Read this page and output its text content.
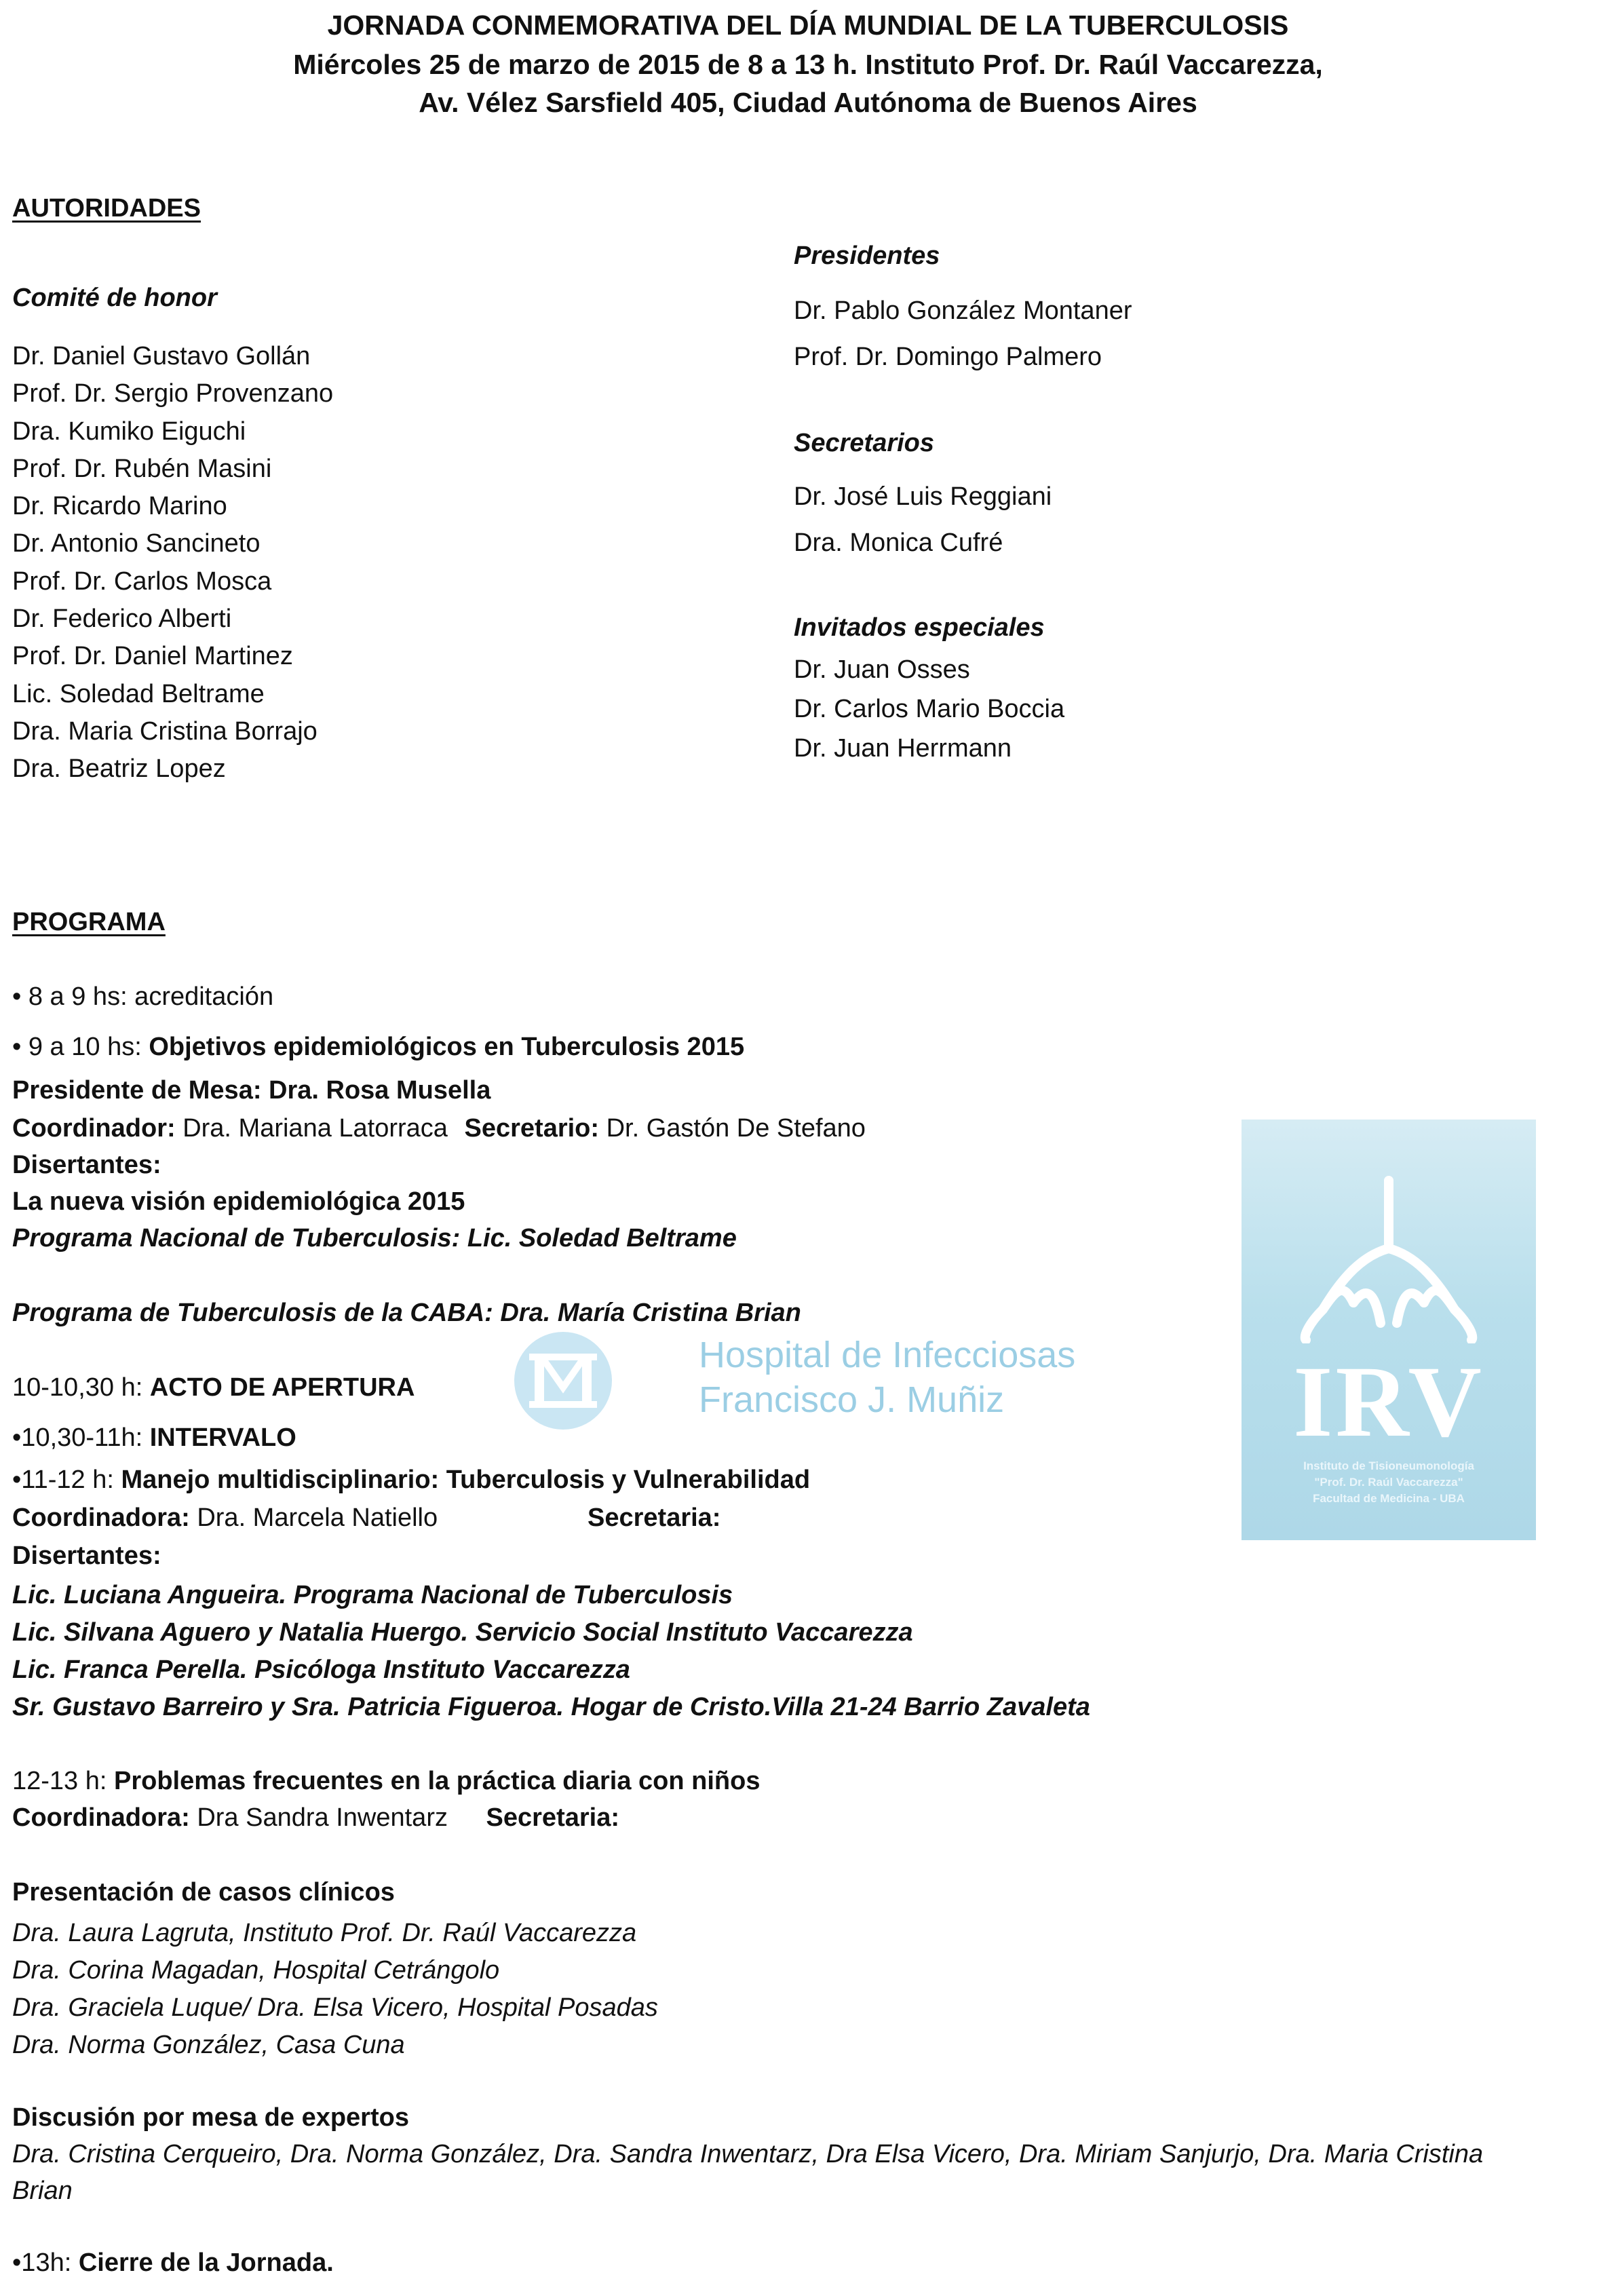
JORNADA CONMEMORATIVA DEL DÍA MUNDIAL DE LA TUBERCULOSIS
Miércoles 25 de marzo de 2015 de 8 a 13 h. Instituto Prof. Dr. Raúl Vaccarezza,
Av. Vélez Sarsfield 405, Ciudad Autónoma de Buenos Aires
AUTORIDADES
Comité de honor
Dr. Daniel Gustavo Gollán
Prof. Dr. Sergio Provenzano
Dra. Kumiko Eiguchi
Prof. Dr. Rubén Masini
Dr. Ricardo Marino
Dr. Antonio Sancineto
Prof. Dr. Carlos Mosca
Dr. Federico Alberti
Prof. Dr. Daniel Martinez
Lic. Soledad Beltrame
Dra. Maria Cristina Borrajo
Dra. Beatriz Lopez
Presidentes
Dr. Pablo González Montaner
Prof. Dr. Domingo Palmero
Secretarios
Dr. José Luis Reggiani
Dra. Monica Cufré
Invitados especiales
Dr. Juan Osses
Dr. Carlos Mario Boccia
Dr. Juan Herrmann
PROGRAMA
• 8 a 9 hs: acreditación
• 9 a 10 hs: Objetivos epidemiológicos en Tuberculosis 2015
Presidente de Mesa: Dra. Rosa Musella
Coordinador: Dra. Mariana Latorraca Secretario: Dr. Gastón De Stefano
Disertantes:
La nueva visión epidemiológica 2015
Programa Nacional de Tuberculosis: Lic. Soledad Beltrame
Programa de Tuberculosis de la CABA: Dra. María Cristina Brian
10-10,30 h: ACTO DE APERTURA
•10,30-11h: INTERVALO
•11-12 h: Manejo multidisciplinario: Tuberculosis y Vulnerabilidad
Coordinadora: Dra. Marcela Natiello	Secretaria:
Disertantes:
Lic. Luciana Angueira. Programa Nacional de Tuberculosis
Lic. Silvana Aguero y Natalia Huergo. Servicio Social Instituto Vaccarezza
Lic. Franca Perella. Psicóloga Instituto Vaccarezza
Sr. Gustavo Barreiro y Sra. Patricia Figueroa. Hogar de Cristo.Villa 21-24 Barrio Zavaleta
12-13 h: Problemas frecuentes en la práctica diaria con niños
Coordinadora: Dra Sandra Inwentarz Secretaria:
Presentación de casos clínicos
Dra. Laura Lagruta, Instituto Prof. Dr. Raúl Vaccarezza
Dra. Corina Magadan, Hospital Cetrángolo
Dra. Graciela Luque/ Dra. Elsa Vicero, Hospital Posadas
Dra. Norma González, Casa Cuna
Discusión por mesa de expertos
Dra. Cristina Cerqueiro, Dra. Norma González, Dra. Sandra Inwentarz, Dra Elsa Vicero, Dra. Miriam Sanjurjo, Dra. Maria Cristina
Brian
•13h: Cierre de la Jornada.
Hospital de Infecciosas
Francisco J. Muñiz	IRV
Instituto de Tisioneumonología
"Prof. Dr. Raúl Vaccarezza"
Facultad de Medicina - UBA
